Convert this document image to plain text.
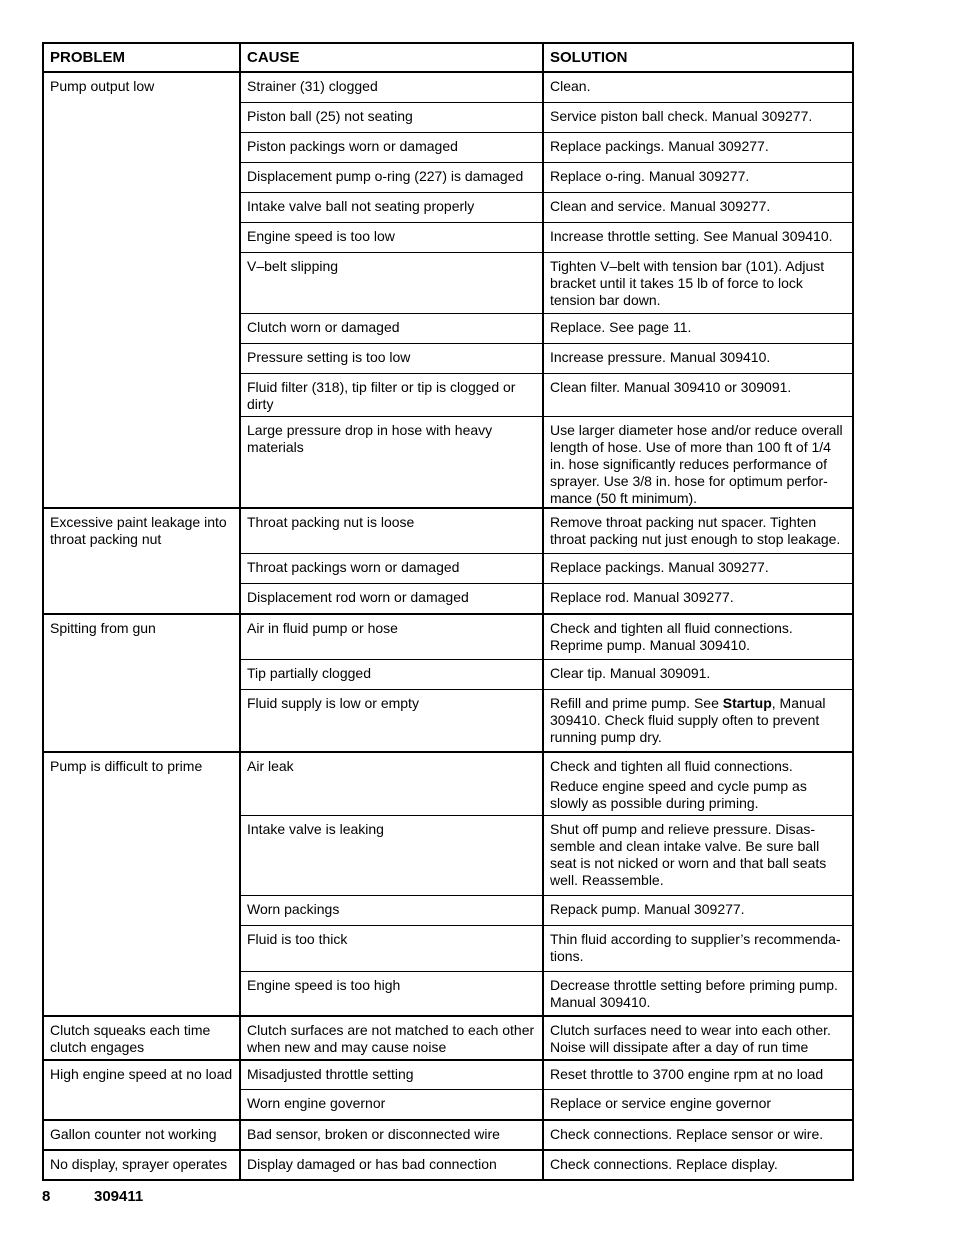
PROBLEM	CAUSE	SOLUTION

Pump output low	Strainer (31) clogged	Clean.

	Piston ball (25) not seating	Service piston ball check. Manual 309277.

	Piston packings worn or damaged	Replace packings. Manual 309277.

	Displacement pump o-ring (227) is damaged	Replace o-ring. Manual 309277.

	Intake valve ball not seating properly	Clean and service. Manual 309277.

	Engine speed is too low	Increase throttle setting. See Manual 309410.

	V–belt slipping	Tighten V–belt with tension bar (101). Adjust bracket until it takes 15 lb of force to lock tension bar down.

	Clutch worn or damaged	Replace. See page 11.

	Pressure setting is too low	Increase pressure. Manual 309410.

	Fluid filter (318), tip filter or tip is clogged or dirty	Clean filter. Manual 309410 or 309091.

	Large pressure drop in hose with heavy materials	Use larger diameter hose and/or reduce overall length of hose. Use of more than 100 ft of 1/4 in. hose significantly reduces performance of sprayer. Use 3/8 in. hose for optimum perfor-mance (50 ft minimum).

Excessive paint leakage into throat packing nut	Throat packing nut is loose	Remove throat packing nut spacer. Tighten throat packing nut just enough to stop leakage.

	Throat packings worn or damaged	Replace packings. Manual 309277.

	Displacement rod worn or damaged	Replace rod. Manual 309277.

Spitting from gun	Air in fluid pump or hose	Check and tighten all fluid connections. Reprime pump. Manual 309410.

	Tip partially clogged	Clear tip. Manual 309091.

	Fluid supply is low or empty	Refill and prime pump. See Startup, Manual 309410. Check fluid supply often to prevent running pump dry.

Pump is difficult to prime	Air leak	Check and tighten all fluid connections.
Reduce engine speed and cycle pump as slowly as possible during priming.

	Intake valve is leaking	Shut off pump and relieve pressure. Disas-semble and clean intake valve. Be sure ball seat is not nicked or worn and that ball seats well. Reassemble.

	Worn packings	Repack pump. Manual 309277.

	Fluid is too thick	Thin fluid according to supplier’s recommenda-tions.

	Engine speed is too high	Decrease throttle setting before priming pump. Manual 309410.

Clutch squeaks each time clutch engages	Clutch surfaces are not matched to each other when new and may cause noise	Clutch surfaces need to wear into each other. Noise will dissipate after a day of run time

High engine speed at no load	Misadjusted throttle setting	Reset throttle to 3700 engine rpm at no load

	Worn engine governor	Replace or service engine governor

Gallon counter not working	Bad sensor, broken or disconnected wire	Check connections. Replace sensor or wire.

No display, sprayer operates	Display damaged or has bad connection	Check connections. Replace display.
8	309411
